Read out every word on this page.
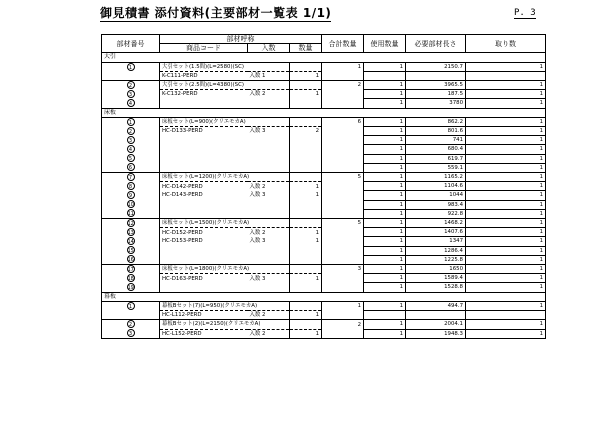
御見積書 添付資料(主要部材一覧表 1/1)	P. 3
部材番号	部材呼称			合計数量	使用数量	必要部材長さ	取り数
	商品コード	入数	数量				
大引							
1	大引セット(1.5間)(L=2580)(SC)			1	1	2150.7	1
	K-C111-PERD	入数 1	1				
2	大引セット(2.5間)(L=4380)(SC)			2	1	3965.5	1
3	K-C132-PERD	入数 2	1		1	187.5	1
4					1	3780	1
床板							
1	床板セット(L=900)(クリエモカA)			6	1	862.2	1
2	HC-D133-PERD	入数 3	2		1	801.6	1
3					1	741	1
4					1	680.4	1
5					1	619.7	1
6					1	559.1	1
7	床板セット(L=1200)(クリエモカA)			5	1	1165.2	1
8	HC-D142-PERD	入数 2	1		1	1104.6	1
9	HC-D143-PERD	入数 3	1		1	1044	1
10					1	983.4	1
11					1	922.8	1
12	床板セット(L=1500)(クリエモカA)			5	1	1468.2	1
13	HC-D152-PERD	入数 2	1		1	1407.6	1
14	HC-D153-PERD	入数 3	1		1	1347	1
15					1	1286.4	1
16					1	1225.8	1
17	床板セット(L=1800)(クリエモカA)			3	1	1650	1
18	HC-D163-PERD	入数 3	1		1	1589.4	1
19					1	1528.8	1
幕板							
1	幕板Bセット(7)(L=950)(クリエモカA)			1	1	494.7	1
	HC-L112-PERD	入数 2	1				
2	幕板Bセット(2)(L=2150)(クリエモカA)			2	1	2004.1	1
3	HC-L152-PERD	入数 2	1		1	1948.3	1
